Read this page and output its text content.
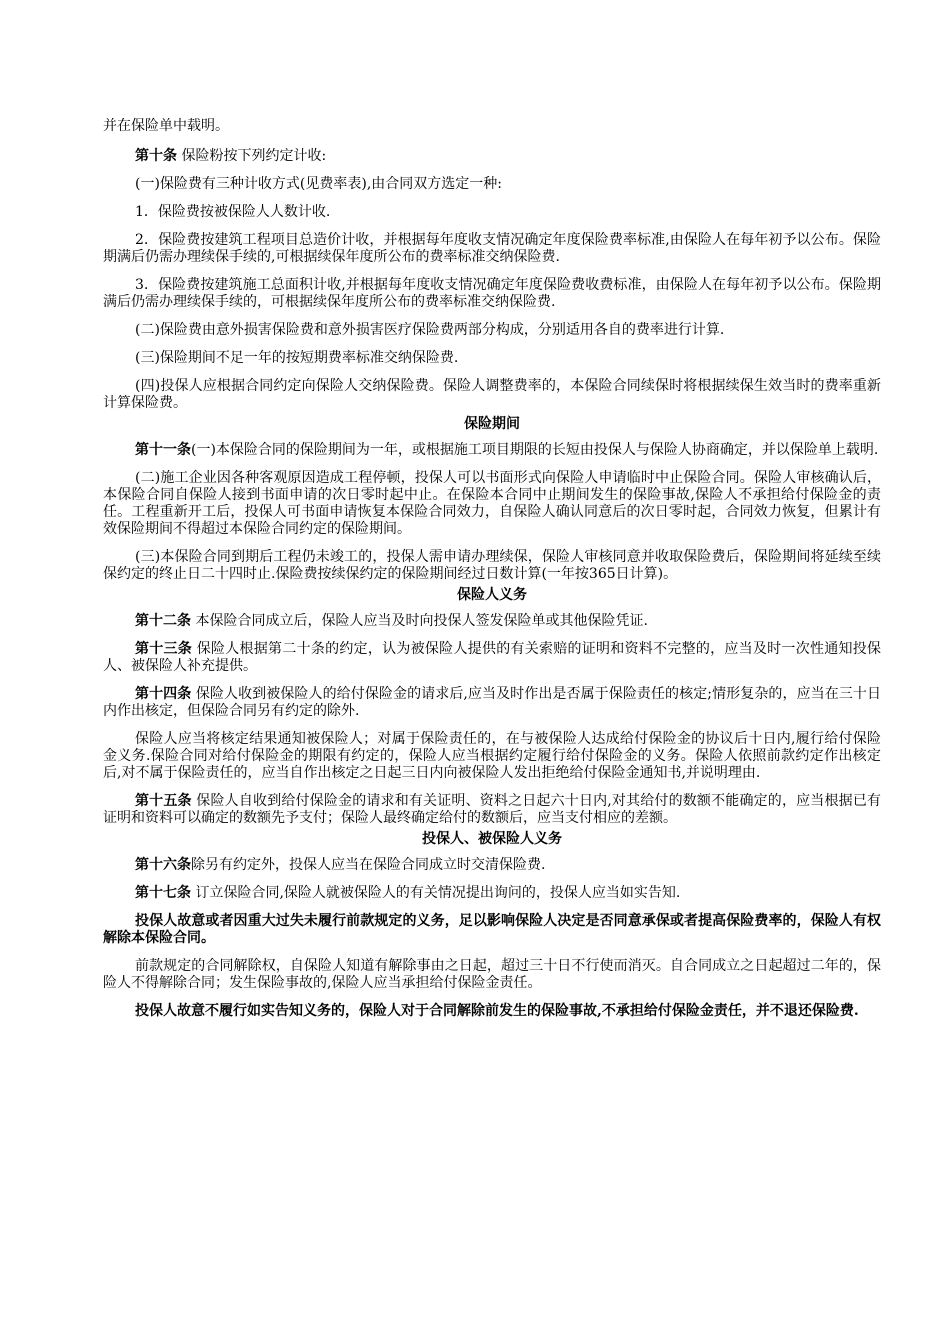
并在保险单中载明。

第十条 保险粉按下列约定计收:

(一)保险费有三种计收方式(见费率表),由合同双方选定一种:

1．保险费按被保险人人数计收.

2．保险费按建筑工程项目总造价计收，并根据每年度收支情况确定年度保险费率标准,由保险人在每年初予以公布。保险期满后仍需办理续保手续的,可根据续保年度所公布的费率标准交纳保险费.

3．保险费按建筑施工总面积计收,并根据每年度收支情况确定年度保险费收费标准，由保险人在每年初予以公布。保险期满后仍需办理续保手续的，可根据续保年度所公布的费率标准交纳保险费.

(二)保险费由意外损害保险费和意外损害医疗保险费两部分构成，分别适用各自的费率进行计算.

(三)保险期间不足一年的按短期费率标准交纳保险费.

(四)投保人应根据合同约定向保险人交纳保险费。保险人调整费率的，本保险合同续保时将根据续保生效当时的费率重新计算保险费。

保险期间

第十一条(一)本保险合同的保险期间为一年，或根据施工项目期限的长短由投保人与保险人协商确定，并以保险单上载明.

(二)施工企业因各种客观原因造成工程停顿，投保人可以书面形式向保险人申请临时中止保险合同。保险人审核确认后，本保险合同自保险人接到书面申请的次日零时起中止。在保险本合同中止期间发生的保险事故,保险人不承担给付保险金的责任。工程重新开工后，投保人可书面申请恢复本保险合同效力，自保险人确认同意后的次日零时起，合同效力恢复，但累计有效保险期间不得超过本保险合同约定的保险期间。

(三)本保险合同到期后工程仍未竣工的，投保人需申请办理续保，保险人审核同意并收取保险费后，保险期间将延续至续保约定的终止日二十四时止.保险费按续保约定的保险期间经过日数计算(一年按365日计算)。

保险人义务

第十二条 本保险合同成立后，保险人应当及时向投保人签发保险单或其他保险凭证.

第十三条 保险人根据第二十条的约定，认为被保险人提供的有关索赔的证明和资料不完整的，应当及时一次性通知投保人、被保险人补充提供。

第十四条 保险人收到被保险人的给付保险金的请求后,应当及时作出是否属于保险责任的核定;情形复杂的，应当在三十日内作出核定，但保险合同另有约定的除外.

保险人应当将核定结果通知被保险人；对属于保险责任的，在与被保险人达成给付保险金的协议后十日内,履行给付保险金义务.保险合同对给付保险金的期限有约定的，保险人应当根据约定履行给付保险金的义务。保险人依照前款约定作出核定后,对不属于保险责任的，应当自作出核定之日起三日内向被保险人发出拒绝给付保险金通知书,并说明理由.

第十五条 保险人自收到给付保险金的请求和有关证明、资料之日起六十日内,对其给付的数额不能确定的，应当根据已有证明和资料可以确定的数额先予支付；保险人最终确定给付的数额后，应当支付相应的差额。

投保人、被保险人义务

第十六条除另有约定外，投保人应当在保险合同成立时交清保险费.

第十七条 订立保险合同,保险人就被保险人的有关情况提出询问的，投保人应当如实告知.

投保人故意或者因重大过失未履行前款规定的义务，足以影响保险人决定是否同意承保或者提高保险费率的，保险人有权解除本保险合同。

前款规定的合同解除权，自保险人知道有解除事由之日起，超过三十日不行使而消灭。自合同成立之日起超过二年的，保险人不得解除合同；发生保险事故的,保险人应当承担给付保险金责任。

投保人故意不履行如实告知义务的，保险人对于合同解除前发生的保险事故,不承担给付保险金责任，并不退还保险费.
